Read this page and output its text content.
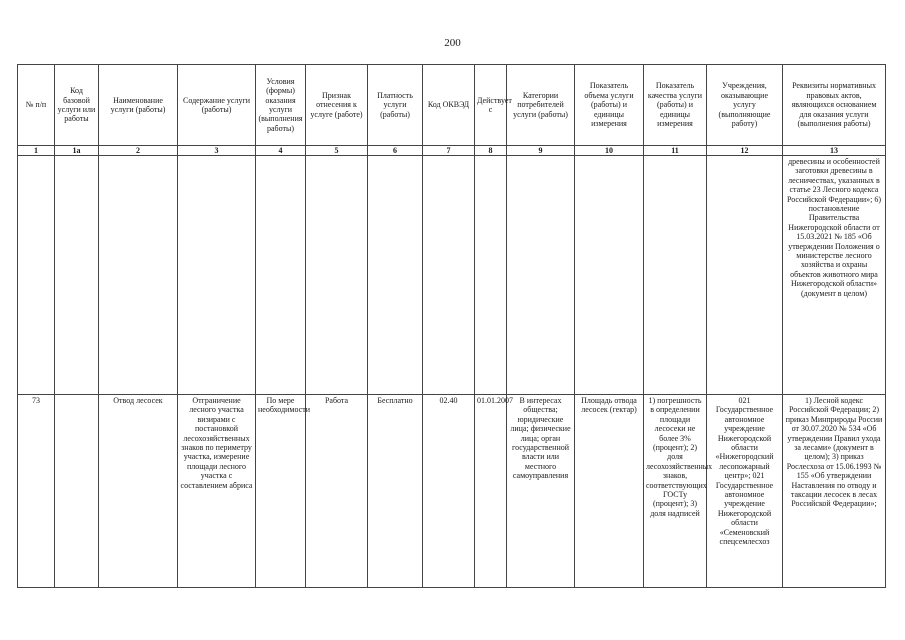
200
№ п/п	Код базовой услуги или работы	Наименование услуги (работы)	Содержание услуги (работы)	Условия (формы) оказания услуги (выполнения работы)	Признак отнесения к услуге (работе)	Платность услуги (работы)	Код ОКВЭД	Действует с	Категории потребителей услуги (работы)	Показатель объема услуги (работы) и единицы измерения	Показатель качества услуги (работы) и единицы измерения	Учреждения, оказывающие услугу (выполняющие работу)	Реквизиты нормативных правовых актов, являющихся основанием для оказания услуги (выполнения работы)
1	1а	2	3	4	5	6	7	8	9	10	11	12	13
													древесины и особенностей заготовки древесины в лесничествах, указанных в статье 23 Лесного кодекса Российской Федерации»; 6) постановление Правительства Нижегородской области от 15.03.2021 № 185 «Об утверждении Положения о министерстве лесного хозяйства и охраны объектов животного мира Нижегородской области» (документ в целом)
73		Отвод лесосек	Отграничение лесного участка визирами с постановкой лесохозяйственных знаков по периметру участка, измерение площади лесного участка с составлением абриса	По мере необходимости	Работа	Бесплатно	02.40	01.01.2007	В интересах общества; юридические лица; физические лица; орган государственной власти или местного самоуправления	Площадь отвода лесосек (гектар)	1) погрешность в определении площади лесосеки не более 3% (процент); 2) доля лесохозяйственных знаков, соответствующих ГОСТу (процент); 3) доля надписей	021 Государственное автономное учреждение Нижегородской области «Нижегородский лесопожарный центр»; 021 Государственное автономное учреждение Нижегородской области «Семеновский спецсемлесхоз	1) Лесной кодекс Российской Федерации; 2) приказ Минприроды России от 30.07.2020 № 534 «Об утверждении Правил ухода за лесами» (документ в целом); 3) приказ Рослесхоза от 15.06.1993 № 155 «Об утверждении Наставления по отводу и таксации лесосек в лесах Российской Федерации»;
